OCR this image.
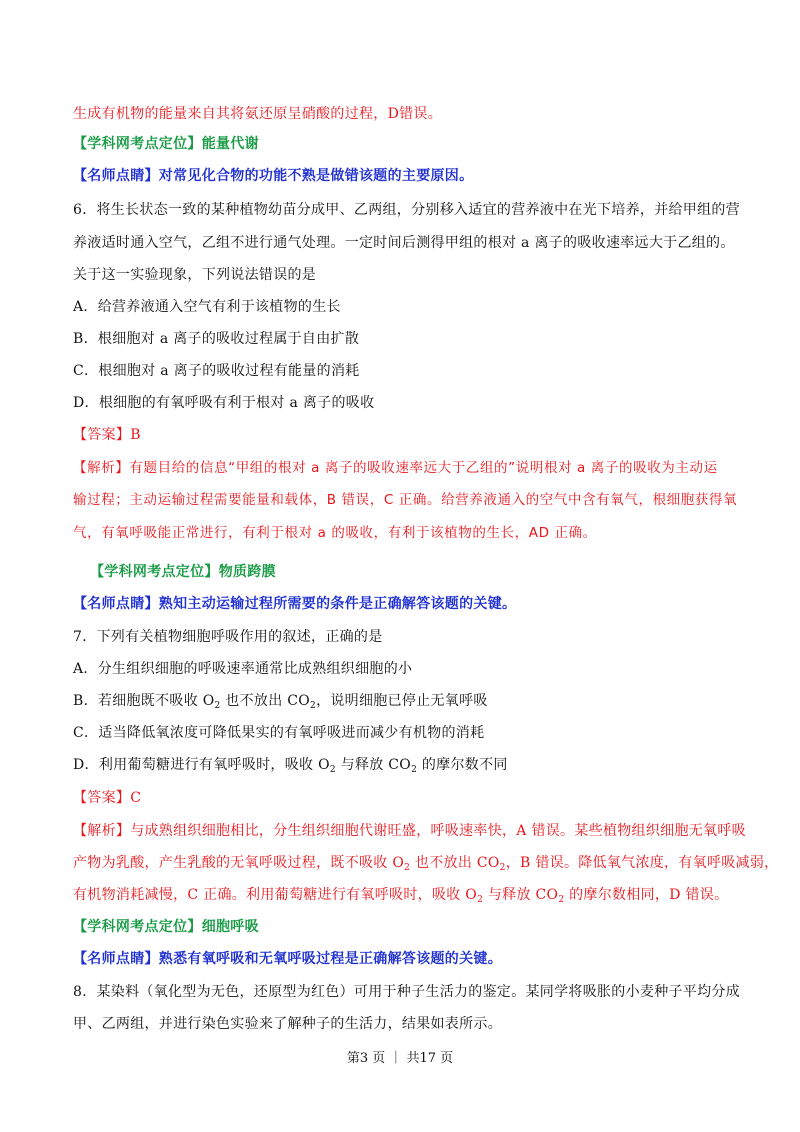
生成有机物的能量来自其将氨还原呈硝酸的过程，D错误。
【学科网考点定位】能量代谢
【名师点睛】对常见化合物的功能不熟是做错该题的主要原因。
6．将生长状态一致的某种植物幼苗分成甲、乙两组，分别移入适宜的营养液中在光下培养，并给甲组的营
养液适时通入空气，乙组不进行通气处理。一定时间后测得甲组的根对 a 离子的吸收速率远大于乙组的。
关于这一实验现象，下列说法错误的是
A．给营养液通入空气有利于该植物的生长
B．根细胞对 a 离子的吸收过程属于自由扩散
C．根细胞对 a 离子的吸收过程有能量的消耗
D．根细胞的有氧呼吸有利于根对 a 离子的吸收
【答案】B
【解析】有题目给的信息“甲组的根对 a 离子的吸收速率远大于乙组的”说明根对 a 离子的吸收为主动运
输过程；主动运输过程需要能量和载体，B 错误，C 正确。给营养液通入的空气中含有氧气，根细胞获得氧
气，有氧呼吸能正常进行，有利于根对 a 的吸收，有利于该植物的生长，AD 正确。
【学科网考点定位】物质跨膜
【名师点睛】熟知主动运输过程所需要的条件是正确解答该题的关键。
7．下列有关植物细胞呼吸作用的叙述，正确的是
A．分生组织细胞的呼吸速率通常比成熟组织细胞的小
B．若细胞既不吸收 $O_2$ 也不放出 $CO_2$，说明细胞已停止无氧呼吸
C．适当降低氧浓度可降低果实的有氧呼吸进而减少有机物的消耗
D．利用葡萄糖进行有氧呼吸时，吸收 $O_2$ 与释放 $CO_2$ 的摩尔数不同
【答案】C
【解析】与成熟组织细胞相比，分生组织细胞代谢旺盛，呼吸速率快，A 错误。某些植物组织细胞无氧呼吸
产物为乳酸，产生乳酸的无氧呼吸过程，既不吸收 $O_2$ 也不放出 $CO_2$，B 错误。降低氧气浓度，有氧呼吸减弱，
有机物消耗减慢，C 正确。利用葡萄糖进行有氧呼吸时，吸收 $O_2$ 与释放 $CO_2$ 的摩尔数相同，D 错误。
【学科网考点定位】细胞呼吸
【名师点睛】熟悉有氧呼吸和无氧呼吸过程是正确解答该题的关键。
8．某染料（氧化型为无色，还原型为红色）可用于种子生活力的鉴定。某同学将吸胀的小麦种子平均分成
甲、乙两组，并进行染色实验来了解种子的生活力，结果如表所示。
第3 页 ｜ 共17 页
